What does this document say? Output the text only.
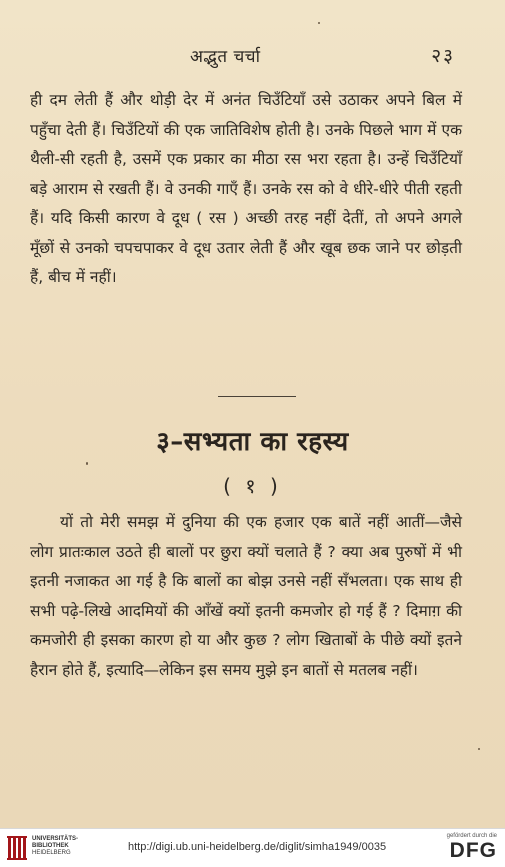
अद्भुत चर्चा	२३

ही दम लेती हैं और थोड़ी देर में अनंत चिउँटियाँ उसे उठाकर अपने बिल में पहुँचा देती हैं। चिउँटियों की एक जातिविशेष होती है। उनके पिछले भाग में एक थैली-सी रहती है, उसमें एक प्रकार का मीठा रस भरा रहता है। उन्हें चिउँटियाँ बड़े आराम से रखती हैं। वे उनकी गाएँ हैं। उनके रस को वे धीरे-धीरे पीती रहती हैं। यदि किसी कारण वे दूध ( रस ) अच्छी तरह नहीं देतीं, तो अपने अगले मूँछों से उनको चपचपाकर वे दूध उतार लेती हैं और खूब छक जाने पर छोड़ती हैं, बीच में नहीं।

३–सभ्यता का रहस्य
( १ )

यों तो मेरी समझ में दुनिया की एक हजार एक बातें नहीं आतीं—जैसे लोग प्रातःकाल उठते ही बालों पर छुरा क्यों चलाते हैं ? क्या अब पुरुषों में भी इतनी नजाकत आ गई है कि बालों का बोझ उनसे नहीं सँभलता। एक साथ ही सभी पढ़े-लिखे आदमियों की आँखें क्यों इतनी कमजोर हो गई हैं ? दिमाग़ की कमजोरी ही इसका कारण हो या और कुछ ? लोग खिताबों के पीछे क्यों इतने हैरान होते हैं, इत्यादि—लेकिन इस समय मुझे इन बातों से मतलब नहीं।

UNIVERSITÄTS-
BIBLIOTHEK
HEIDELBERG	http://digi.ub.uni-heidelberg.de/diglit/simha1949/0035
gefördert durch die
DFG
